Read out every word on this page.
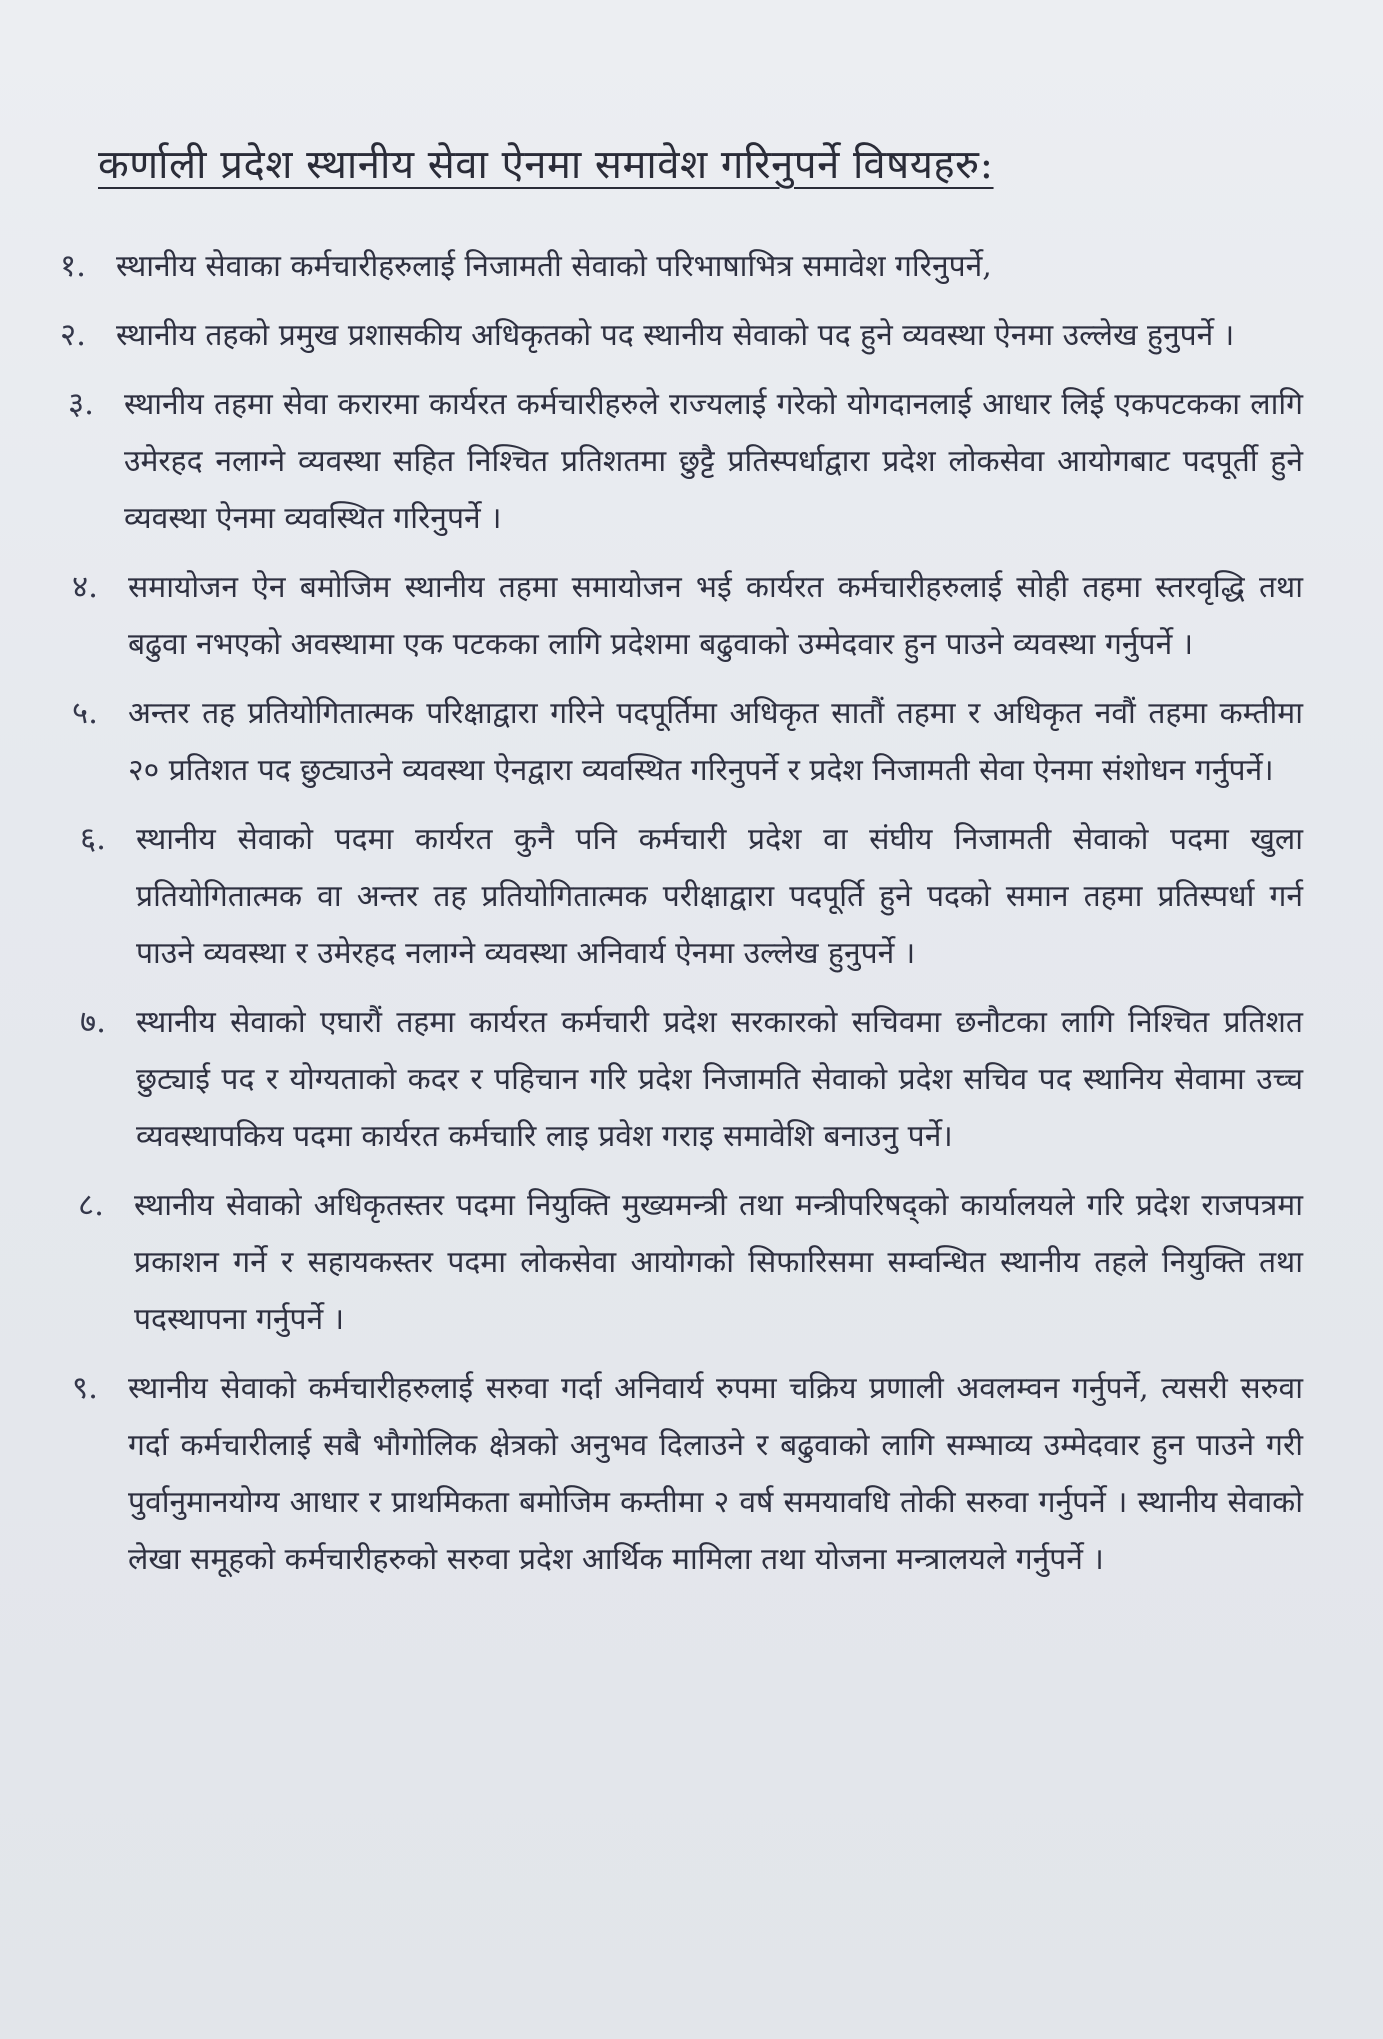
कर्णाली प्रदेश स्थानीय सेवा ऐनमा समावेश गरिनुपर्ने विषयहरु:
१.	स्थानीय सेवाका कर्मचारीहरुलाई निजामती सेवाको परिभाषाभित्र समावेश गरिनुपर्ने,
२.	स्थानीय तहको प्रमुख प्रशासकीय अधिकृतको पद स्थानीय सेवाको पद हुने व्यवस्था ऐनमा उल्लेख हुनुपर्ने ।
३.	स्थानीय तहमा सेवा करारमा कार्यरत कर्मचारीहरुले राज्यलाई गरेको योगदानलाई आधार लिई एकपटकका लागि उमेरहद नलाग्ने व्यवस्था सहित निश्चित प्रतिशतमा छुट्टै प्रतिस्पर्धाद्वारा प्रदेश लोकसेवा आयोगबाट पदपूर्ती हुने व्यवस्था ऐनमा व्यवस्थित गरिनुपर्ने ।
४.	समायोजन ऐन बमोजिम स्थानीय तहमा समायोजन भई कार्यरत कर्मचारीहरुलाई सोही तहमा स्तरवृद्धि तथा बढुवा नभएको अवस्थामा एक पटकका लागि प्रदेशमा बढुवाको उम्मेदवार हुन पाउने व्यवस्था गर्नुपर्ने ।
५.	अन्तर तह प्रतियोगितात्मक परिक्षाद्वारा गरिने पदपूर्तिमा अधिकृत सातौं तहमा र अधिकृत नवौं तहमा कम्तीमा २० प्रतिशत पद छुट्याउने व्यवस्था ऐनद्वारा व्यवस्थित गरिनुपर्ने र प्रदेश निजामती सेवा ऐनमा संशोधन गर्नुपर्ने।
६.	स्थानीय सेवाको पदमा कार्यरत कुनै पनि कर्मचारी प्रदेश वा संघीय निजामती सेवाको पदमा खुला प्रतियोगितात्मक वा अन्तर तह प्रतियोगितात्मक परीक्षाद्वारा पदपूर्ति हुने पदको समान तहमा प्रतिस्पर्धा गर्न पाउने व्यवस्था र उमेरहद नलाग्ने व्यवस्था अनिवार्य ऐनमा उल्लेख हुनुपर्ने ।
७.	स्थानीय सेवाको एघारौं तहमा कार्यरत कर्मचारी प्रदेश सरकारको सचिवमा छनौटका लागि निश्चित प्रतिशत छुट्याई पद र योग्यताको कदर र पहिचान गरि प्रदेश निजामति सेवाको प्रदेश सचिव पद स्थानिय सेवामा उच्च व्यवस्थापकिय पदमा कार्यरत कर्मचारि लाइ प्रवेश गराइ समावेशि बनाउनु पर्ने।
८.	स्थानीय सेवाको अधिकृतस्तर पदमा नियुक्ति मुख्यमन्त्री तथा मन्त्रीपरिषद्को कार्यालयले गरि प्रदेश राजपत्रमा प्रकाशन गर्ने र सहायकस्तर पदमा लोकसेवा आयोगको सिफारिसमा सम्वन्धित स्थानीय तहले नियुक्ति तथा पदस्थापना गर्नुपर्ने ।
९.	स्थानीय सेवाको कर्मचारीहरुलाई सरुवा गर्दा अनिवार्य रुपमा चक्रिय प्रणाली अवलम्वन गर्नुपर्ने, त्यसरी सरुवा गर्दा कर्मचारीलाई सबै भौगोलिक क्षेत्रको अनुभव दिलाउने र बढुवाको लागि सम्भाव्य उम्मेदवार हुन पाउने गरी पुर्वानुमानयोग्य आधार र प्राथमिकता बमोजिम कम्तीमा २ वर्ष समयावधि तोकी सरुवा गर्नुपर्ने । स्थानीय सेवाको लेखा समूहको कर्मचारीहरुको सरुवा प्रदेश आर्थिक मामिला तथा योजना मन्त्रालयले गर्नुपर्ने ।
